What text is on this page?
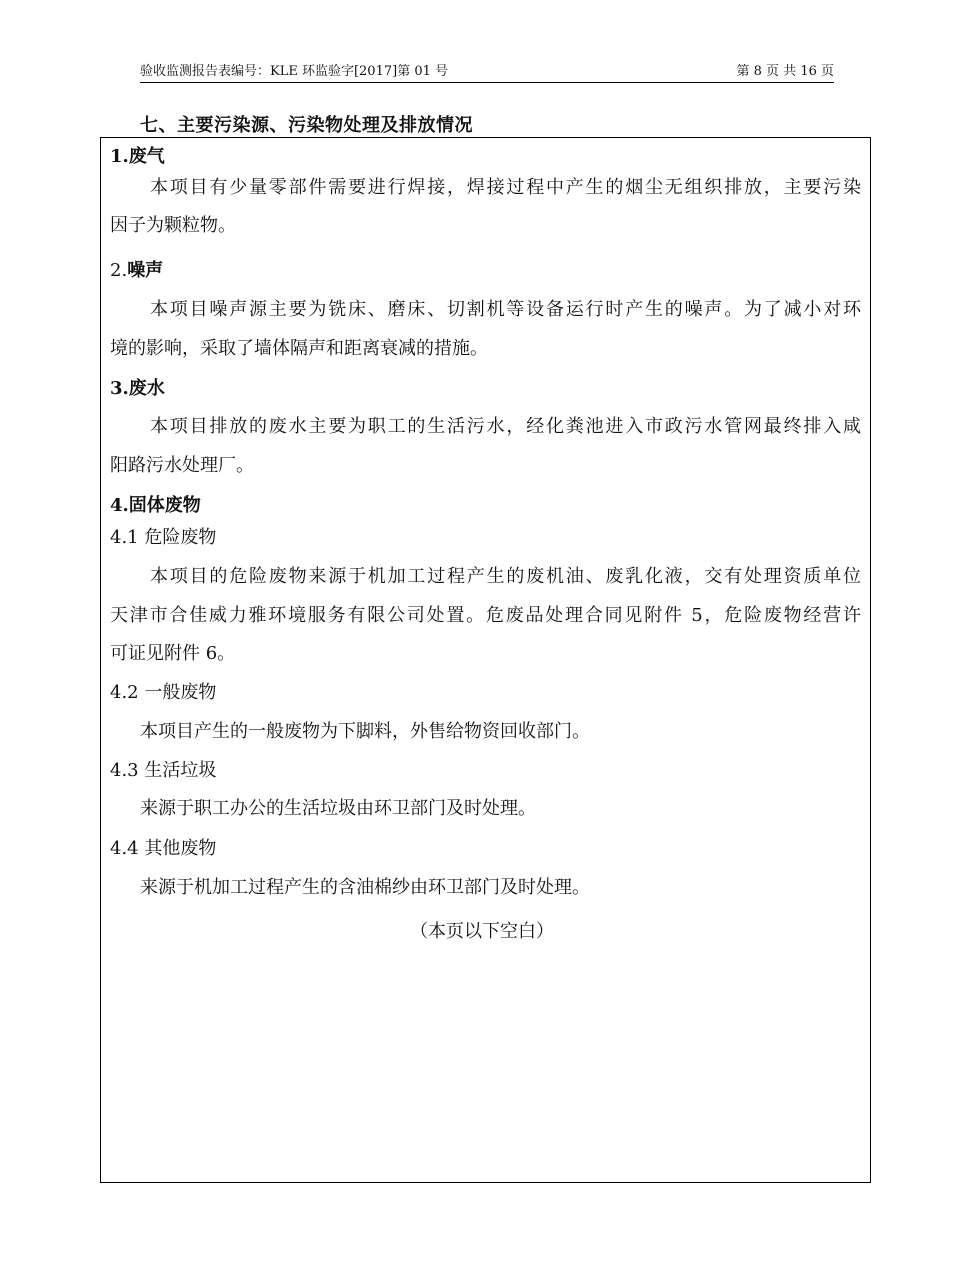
验收监测报告表编号：KLE 环监验字[2017]第 01 号	第 8 页 共 16 页
七、主要污染源、污染物处理及排放情况
1.废气
本项目有少量零部件需要进行焊接，焊接过程中产生的烟尘无组织排放，主要污染
因子为颗粒物。
2.噪声
本项目噪声源主要为铣床、磨床、切割机等设备运行时产生的噪声。为了减小对环
境的影响，采取了墙体隔声和距离衰减的措施。
3.废水
本项目排放的废水主要为职工的生活污水，经化粪池进入市政污水管网最终排入咸
阳路污水处理厂。
4.固体废物
4.1 危险废物
本项目的危险废物来源于机加工过程产生的废机油、废乳化液，交有处理资质单位
天津市合佳威力雅环境服务有限公司处置。危废品处理合同见附件 5，危险废物经营许
可证见附件 6。
4.2 一般废物
本项目产生的一般废物为下脚料，外售给物资回收部门。
4.3 生活垃圾
来源于职工办公的生活垃圾由环卫部门及时处理。
4.4 其他废物
来源于机加工过程产生的含油棉纱由环卫部门及时处理。
（本页以下空白）
